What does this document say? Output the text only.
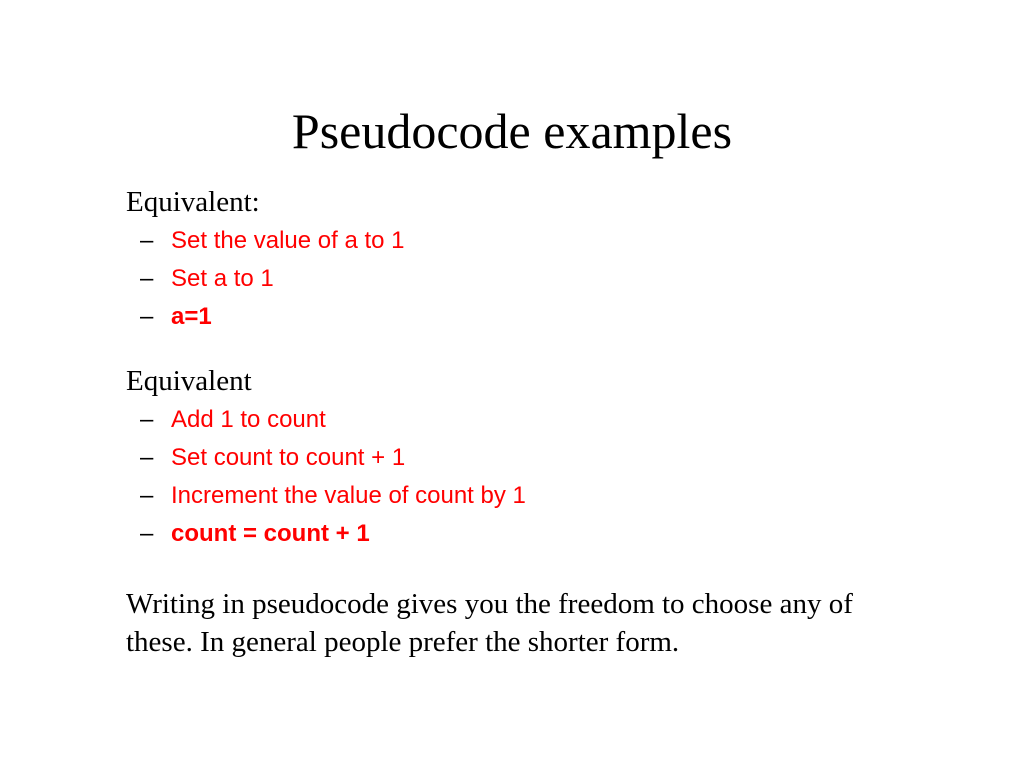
Pseudocode examples

Equivalent:

– Set the value of a to 1
– Set a to 1
– a=1

Equivalent

– Add 1 to count
– Set count to count + 1
– Increment the value of count by 1
– count = count + 1

Writing in pseudocode gives you the freedom to choose any of these. In general people prefer the shorter form.
